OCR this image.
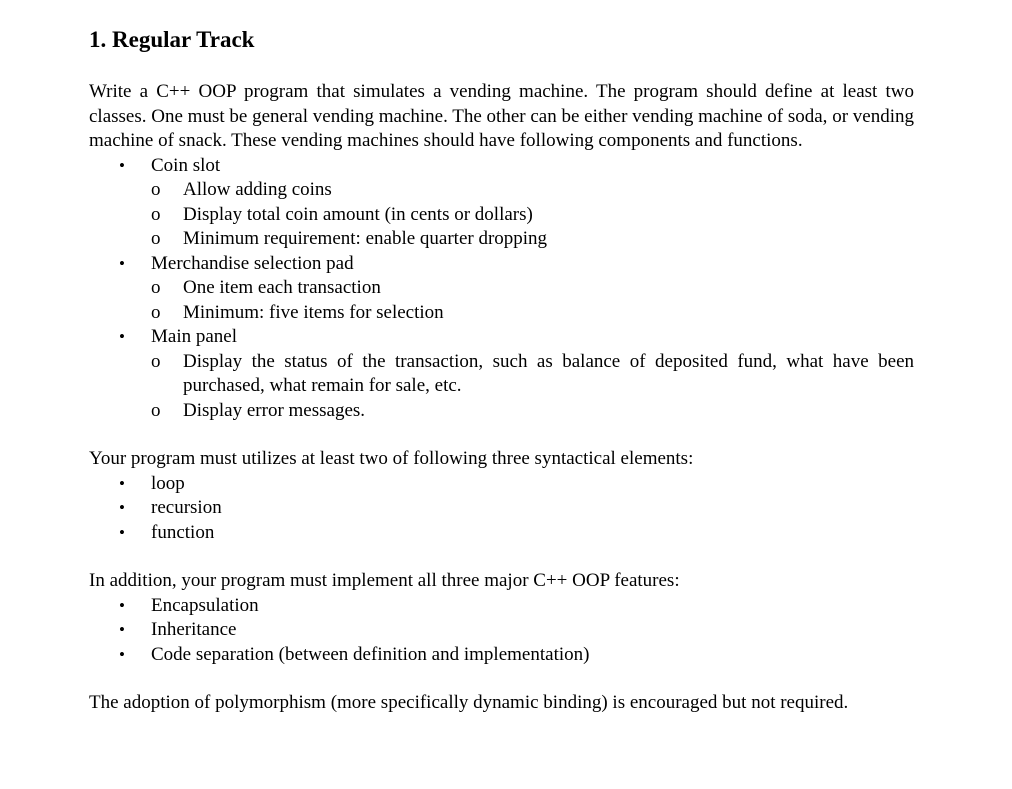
1. Regular Track

Write a C++ OOP program that simulates a vending machine. The program should define at least two classes. One must be general vending machine. The other can be either vending machine of soda, or vending machine of snack. These vending machines should have following components and functions.

• Coin slot
o Allow adding coins
o Display total coin amount (in cents or dollars)
o Minimum requirement: enable quarter dropping
• Merchandise selection pad
o One item each transaction
o Minimum: five items for selection
• Main panel
o Display the status of the transaction, such as balance of deposited fund, what have been purchased, what remain for sale, etc.
o Display error messages.

Your program must utilizes at least two of following three syntactical elements:

• loop
• recursion
• function

In addition, your program must implement all three major C++ OOP features:

• Encapsulation
• Inheritance
• Code separation (between definition and implementation)

The adoption of polymorphism (more specifically dynamic binding) is encouraged but not required.
